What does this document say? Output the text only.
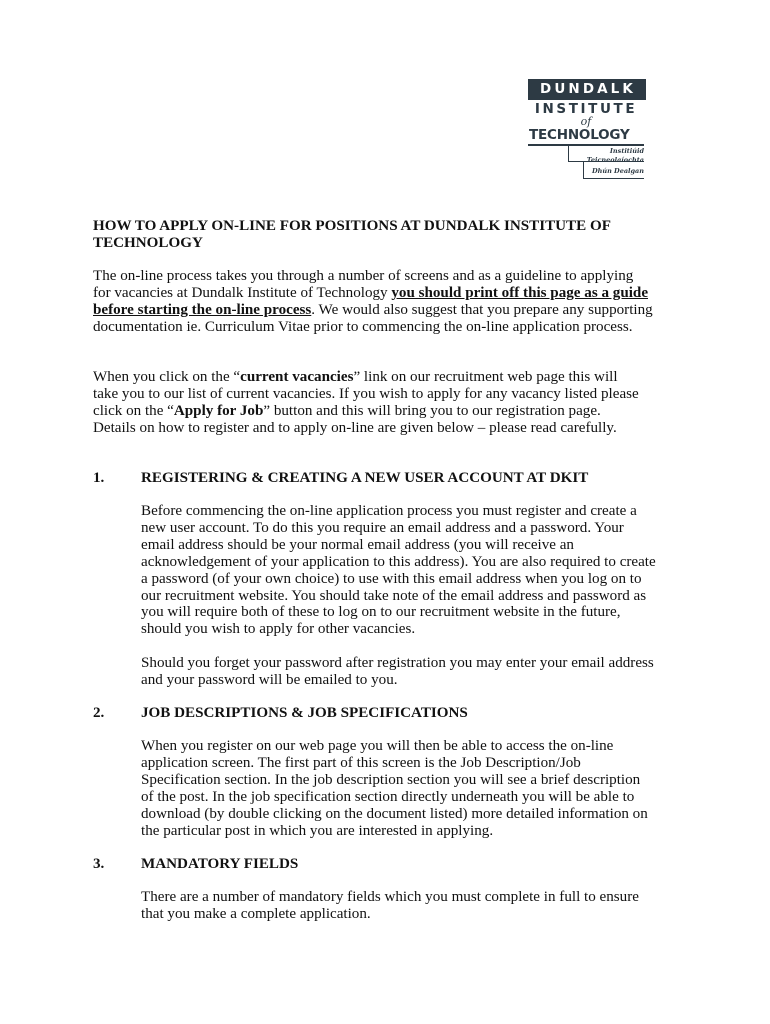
DUNDALK
INSTITUTE
of
TECHNOLOGY
Institiúid
Teicneolaíochta
Dhún Dealgan

HOW TO APPLY ON-LINE FOR POSITIONS AT DUNDALK INSTITUTE OF TECHNOLOGY

The on-line process takes you through a number of screens and as a guideline to applying for vacancies at Dundalk Institute of Technology you should print off this page as a guide before starting the on-line process. We would also suggest that you prepare any supporting documentation ie. Curriculum Vitae prior to commencing the on-line application process.

When you click on the “current vacancies” link on our recruitment web page this will take you to our list of current vacancies. If you wish to apply for any vacancy listed please click on the “Apply for Job” button and this will bring you to our registration page. Details on how to register and to apply on-line are given below – please read carefully.

1. REGISTERING & CREATING A NEW USER ACCOUNT AT DKIT

Before commencing the on-line application process you must register and create a new user account. To do this you require an email address and a password. Your email address should be your normal email address (you will receive an acknowledgement of your application to this address). You are also required to create a password (of your own choice) to use with this email address when you log on to our recruitment website. You should take note of the email address and password as you will require both of these to log on to our recruitment website in the future, should you wish to apply for other vacancies.

Should you forget your password after registration you may enter your email address and your password will be emailed to you.

2. JOB DESCRIPTIONS & JOB SPECIFICATIONS

When you register on our web page you will then be able to access the on-line application screen. The first part of this screen is the Job Description/Job Specification section. In the job description section you will see a brief description of the post. In the job specification section directly underneath you will be able to download (by double clicking on the document listed) more detailed information on the particular post in which you are interested in applying.

3. MANDATORY FIELDS

There are a number of mandatory fields which you must complete in full to ensure that you make a complete application.
